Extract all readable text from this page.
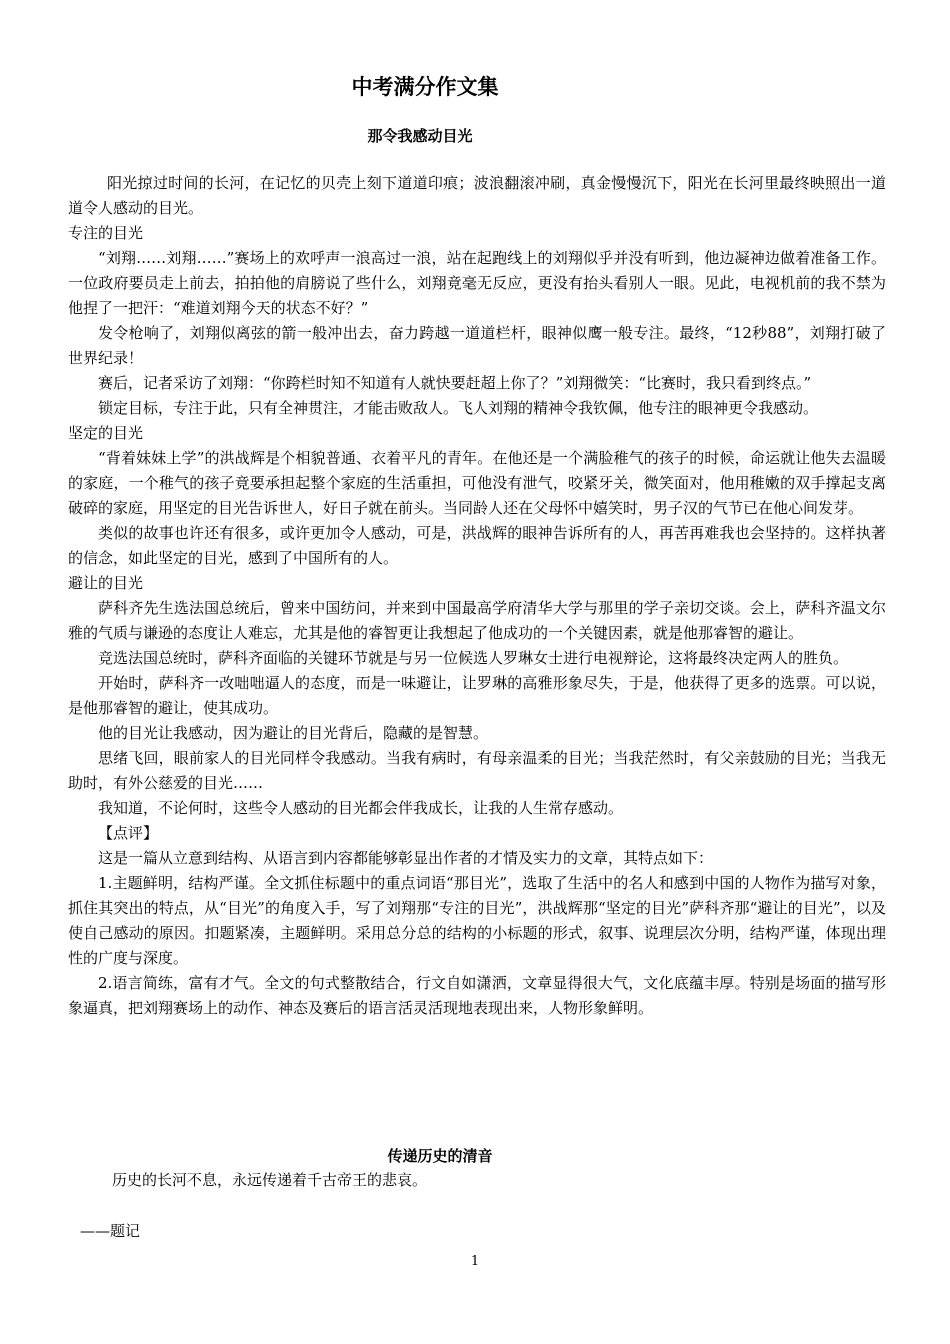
中考满分作文集
那令我感动目光

阳光掠过时间的长河，在记忆的贝壳上刻下道道印痕；波浪翻滚冲刷，真金慢慢沉下，阳光在长河里最终映照出一道道令人感动的目光。

专注的目光

“刘翔……刘翔……”赛场上的欢呼声一浪高过一浪，站在起跑线上的刘翔似乎并没有听到，他边凝神边做着准备工作。一位政府要员走上前去，拍拍他的肩膀说了些什么，刘翔竟毫无反应，更没有抬头看别人一眼。见此，电视机前的我不禁为他捏了一把汗：“难道刘翔今天的状态不好？”

发令枪响了，刘翔似离弦的箭一般冲出去，奋力跨越一道道栏杆，眼神似鹰一般专注。最终，“12秒88”，刘翔打破了世界纪录！

赛后，记者采访了刘翔：“你跨栏时知不知道有人就快要赶超上你了？”刘翔微笑：“比赛时，我只看到终点。”

锁定目标，专注于此，只有全神贯注，才能击败敌人。飞人刘翔的精神令我钦佩，他专注的眼神更令我感动。

坚定的目光

“背着妹妹上学”的洪战辉是个相貌普通、衣着平凡的青年。在他还是一个满脸稚气的孩子的时候，命运就让他失去温暖的家庭，一个稚气的孩子竟要承担起整个家庭的生活重担，可他没有泄气，咬紧牙关，微笑面对，他用稚嫩的双手撑起支离破碎的家庭，用坚定的目光告诉世人，好日子就在前头。当同龄人还在父母怀中嬉笑时，男子汉的气节已在他心间发芽。

类似的故事也许还有很多，或许更加令人感动，可是，洪战辉的眼神告诉所有的人，再苦再难我也会坚持的。这样执著的信念，如此坚定的目光，感到了中国所有的人。

避让的目光

萨科齐先生选法国总统后，曾来中国纺问，并来到中国最高学府清华大学与那里的学子亲切交谈。会上，萨科齐温文尔雅的气质与谦逊的态度让人难忘，尤其是他的睿智更让我想起了他成功的一个关键因素，就是他那睿智的避让。

竞选法国总统时，萨科齐面临的关键环节就是与另一位候选人罗琳女士进行电视辩论，这将最终决定两人的胜负。

开始时，萨科齐一改咄咄逼人的态度，而是一味避让，让罗琳的高雅形象尽失，于是，他获得了更多的选票。可以说，是他那睿智的避让，使其成功。

他的目光让我感动，因为避让的目光背后，隐藏的是智慧。

思绪飞回，眼前家人的目光同样令我感动。当我有病时，有母亲温柔的目光；当我茫然时，有父亲鼓励的目光；当我无助时，有外公慈爱的目光……

我知道，不论何时，这些令人感动的目光都会伴我成长，让我的人生常存感动。

【点评】

这是一篇从立意到结构、从语言到内容都能够彰显出作者的才情及实力的文章，其特点如下：

1.主题鲜明，结构严谨。全文抓住标题中的重点词语“那目光”，选取了生活中的名人和感到中国的人物作为描写对象，抓住其突出的特点，从“目光”的角度入手，写了刘翔那“专注的目光”，洪战辉那“坚定的目光”萨科齐那“避让的目光”，以及使自己感动的原因。扣题紧凑，主题鲜明。采用总分总的结构的小标题的形式，叙事、说理层次分明，结构严谨，体现出理性的广度与深度。

2.语言简练，富有才气。全文的句式整散结合，行文自如潇洒，文章显得很大气，文化底蕴丰厚。特别是场面的描写形象逼真，把刘翔赛场上的动作、神态及赛后的语言活灵活现地表现出来，人物形象鲜明。

传递历史的清音
历史的长河不息，永远传递着千古帝王的悲哀。
——题记
1
